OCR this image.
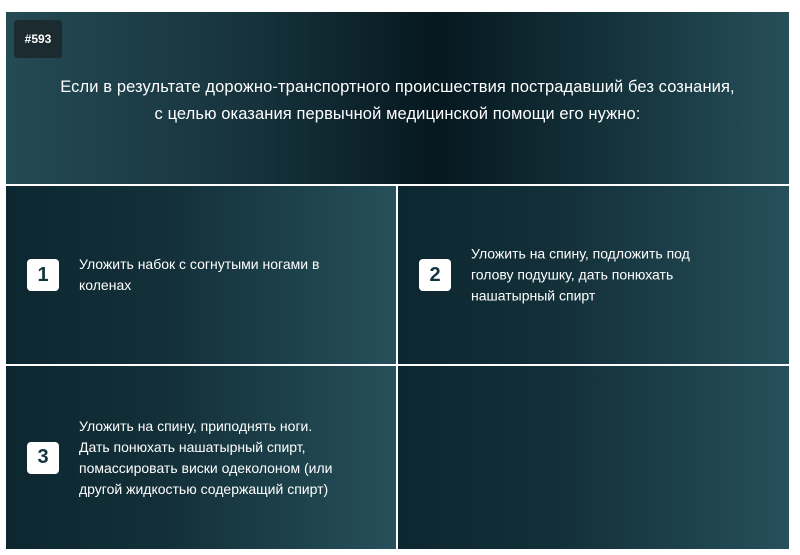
#593
Если в результате дорожно-транспортного происшествия пострадавший без сознания,
с целью оказания первычной медицинской помощи его нужно:
1	Уложить набок с согнутыми ногами в
коленах	2
Уложить на спину, подложить под
голову подушку, дать понюхать
нашатырный спирт
3
Уложить на спину, приподнять ноги.
Дать понюхать нашатырный спирт,
помассировать виски одеколоном (или
другой жидкостью содержащий спирт)
